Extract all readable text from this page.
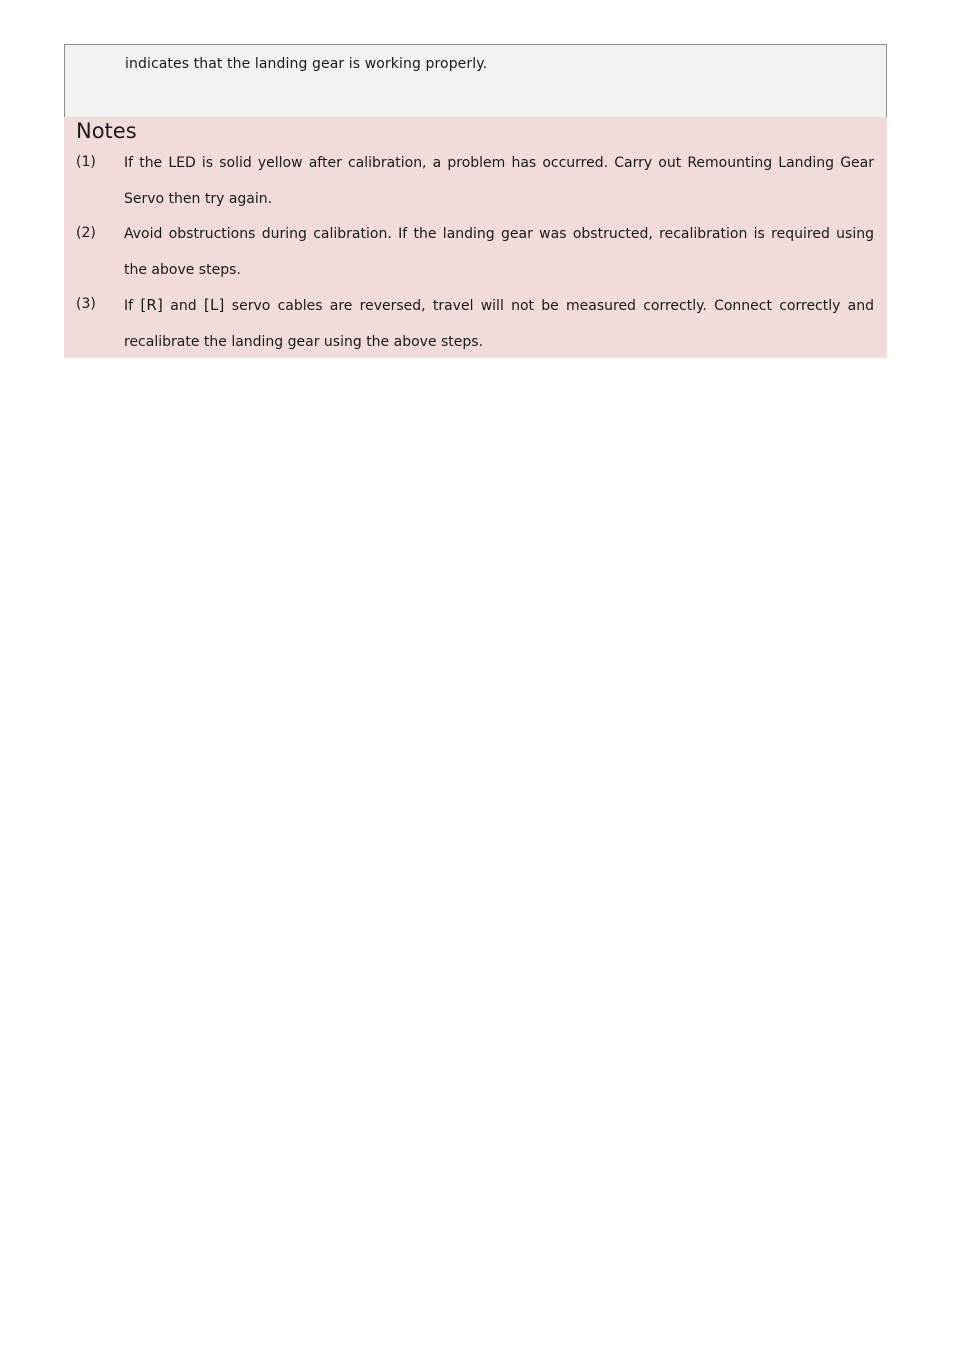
indicates that the landing gear is working properly.
Notes
(1) If the LED is solid yellow after calibration, a problem has occurred. Carry out Remounting Landing Gear Servo then try again.
(2) Avoid obstructions during calibration. If the landing gear was obstructed, recalibration is required using the above steps.
(3) If [R] and [L] servo cables are reversed, travel will not be measured correctly. Connect correctly and recalibrate the landing gear using the above steps.
